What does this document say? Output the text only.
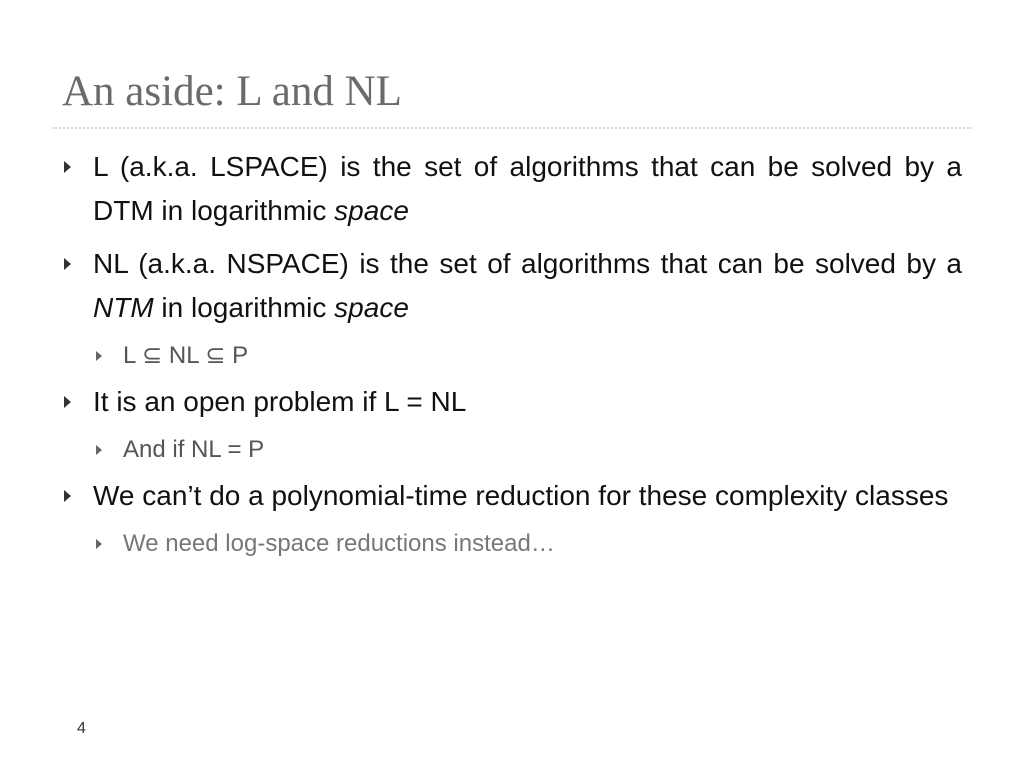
An aside: L and NL
L (a.k.a. LSPACE) is the set of algorithms that can be solved by a DTM in logarithmic space
NL (a.k.a. NSPACE) is the set of algorithms that can be solved by a NTM in logarithmic space
L ⊆ NL ⊆ P
It is an open problem if L = NL
And if NL = P
We can’t do a polynomial-time reduction for these complexity classes
We need log-space reductions instead…
4
